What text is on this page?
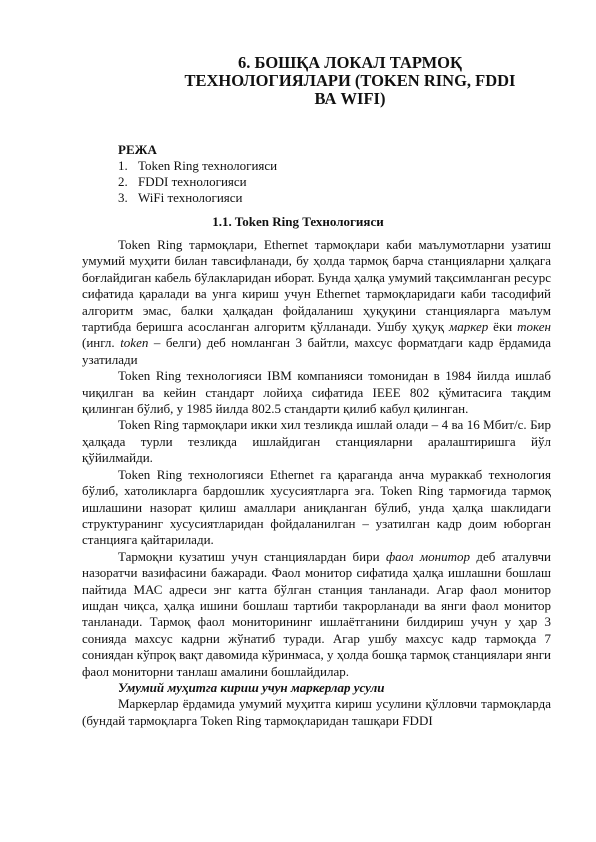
6. БОШҚА ЛОКАЛ ТАРМОҚ
ТЕХНОЛОГИЯЛАРИ (TOKEN RING, FDDI
ВА WIFI)
РЕЖА
1. Token Ring технологияси
2. FDDI технологияси
3. WiFi технологияси
1.1. Token Ring Технологияси

Token Ring тармоқлари, Ethernet тармоқлари каби маълумотларни узатиш умумий муҳити билан тавсифланади, бу ҳолда тармоқ барча станцияларни ҳалқага боғлайдиган кабель бўлакларидан иборат. Бунда ҳалқа умумий тақсимланган ресурс сифатида қаралади ва унга кириш учун Ethernet тармоқларидаги каби тасодифий алгоритм эмас, балки ҳалқадан фойдаланиш ҳуқуқини станцияларга маълум тартибда беришга асосланган алгоритм қўлланади. Ушбу ҳуқуқ маркер ёки токен (ингл. token – белги) деб номланган 3 байтли, махсус форматдаги кадр ёрдамида узатилади

Token Ring технологияси IBM компанияси томонидан в 1984 йилда ишлаб чиқилган ва кейин стандарт лойиҳа сифатида IEEE 802 қўмитасига тақдим қилинган бўлиб, у 1985 йилда 802.5 стандарти қилиб кабул қилинган.

Token Ring тармоқлари икки хил тезликда ишлай олади – 4 ва 16 Мбит/с. Бир ҳалқада турли тезликда ишлайдиган станцияларни аралаштиришга йўл қўйилмайди.

Token Ring технологияси Ethernet га қараганда анча мураккаб технология бўлиб, хатоликларга бардошлик хусусиятларга эга. Token Ring тармоғида тармоқ ишлашини назорат қилиш амаллари аниқланган бўлиб, унда ҳалқа шаклидаги структуранинг хусусиятларидан фойдаланилган – узатилган кадр доим юборган станцияга қайтарилади.

Тармоқни кузатиш учун станциялардан бири фаол монитор деб аталувчи назоратчи вазифасини бажаради. Фаол монитор сифатида ҳалқа ишлашни бошлаш пайтида МАС адреси энг катта бўлган станция танланади. Агар фаол монитор ишдан чиқса, ҳалқа ишини бошлаш тартиби такрорланади ва янги фаол монитор танланади. Тармоқ фаол мониторининг ишлаётганини билдириш учун у ҳар 3 сонияда махсус кадрни жўнатиб туради. Агар ушбу махсус кадр тармоқда 7 сониядан кўпроқ вақт давомида кўринмаса, у ҳолда бошқа тармоқ станциялари янги фаол мониторни танлаш амалини бошлайдилар.

Умумий муҳитга кириш учун маркерлар усули

Маркерлар ёрдамида умумий муҳитга кириш усулини қўлловчи тармоқларда (бундай тармоқларга Token Ring тармоқларидан ташқари FDDI
